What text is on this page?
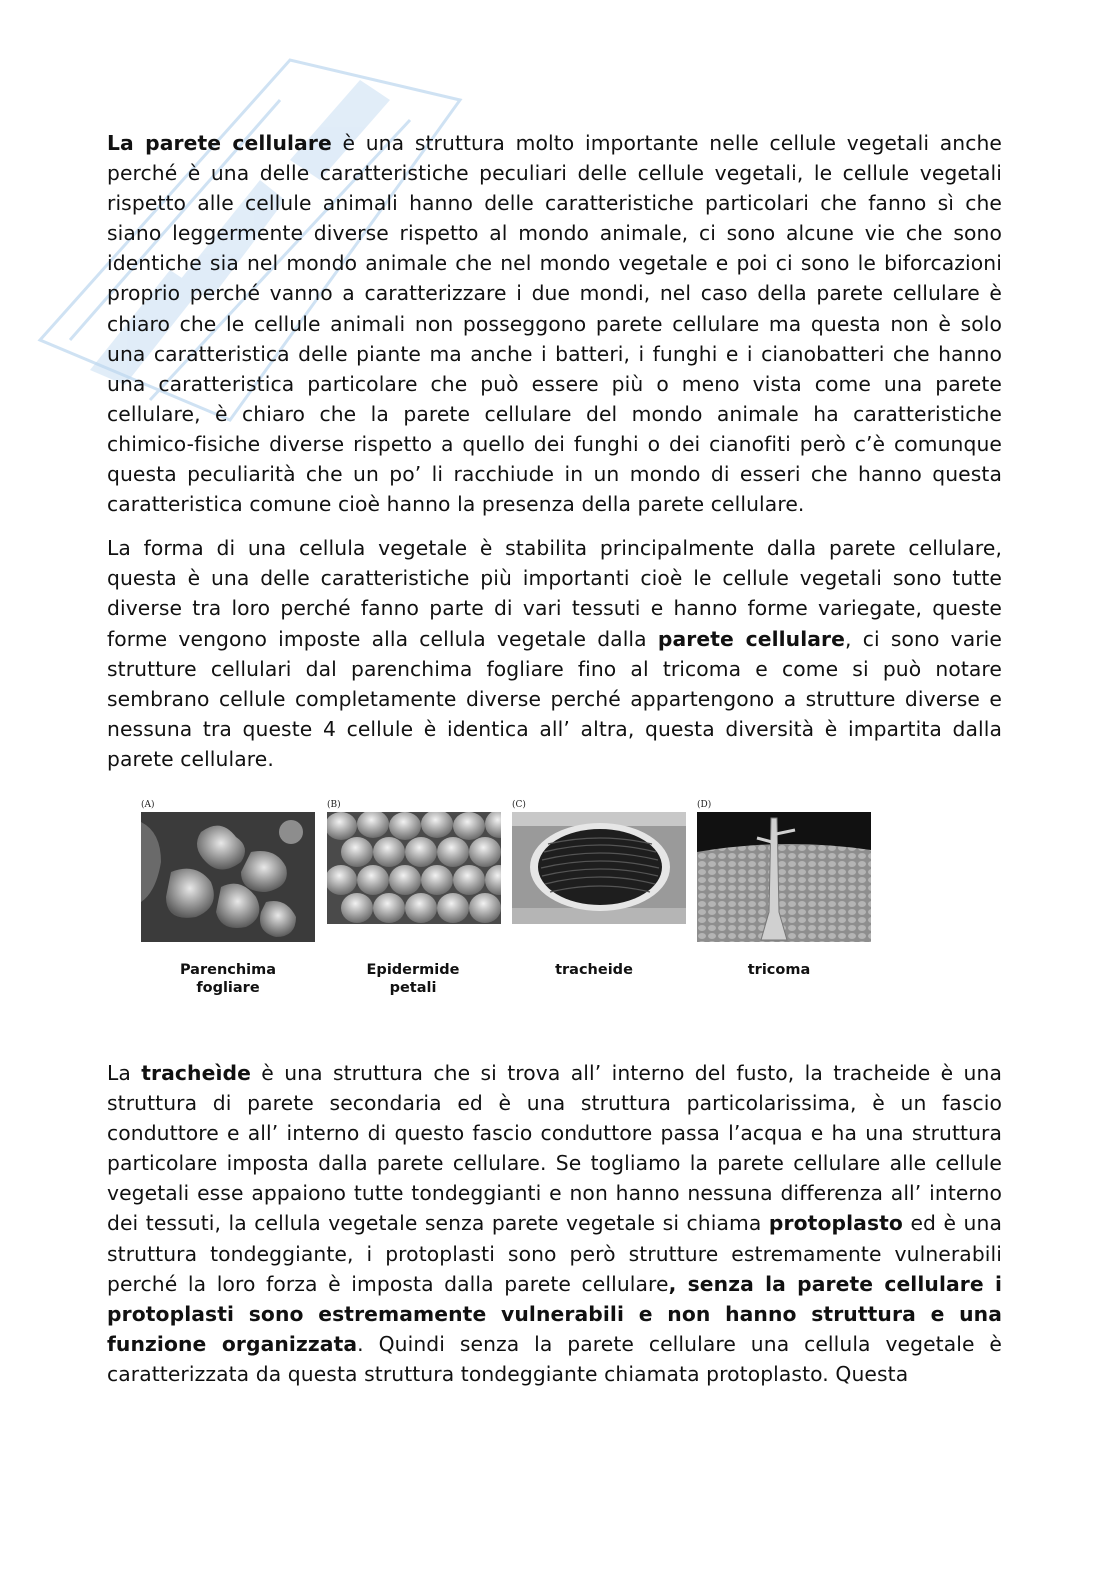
La parete cellulare è una struttura molto importante nelle cellule vegetali anche perché è una delle caratteristiche peculiari delle cellule vegetali, le cellule vegetali rispetto alle cellule animali hanno delle caratteristiche particolari che fanno sì che siano leggermente diverse rispetto al mondo animale, ci sono alcune vie che sono identiche sia nel mondo animale che nel mondo vegetale e poi ci sono le biforcazioni proprio perché vanno a caratterizzare i due mondi, nel caso della parete cellulare è chiaro che le cellule animali non posseggono parete cellulare ma questa non è solo una caratteristica delle piante ma anche i batteri, i funghi e i cianobatteri che hanno una caratteristica particolare che può essere più o meno vista come una parete cellulare, è chiaro che la parete cellulare del mondo animale ha caratteristiche chimico-fisiche diverse rispetto a quello dei funghi o dei cianofiti però c’è comunque questa peculiarità che un po’ li racchiude in un mondo di esseri che hanno questa caratteristica comune cioè hanno la presenza della parete cellulare.

La forma di una cellula vegetale è stabilita principalmente dalla parete cellulare, questa è una delle caratteristiche più importanti cioè le cellule vegetali sono tutte diverse tra loro perché fanno parte di vari tessuti e hanno forme variegate, queste forme vengono imposte alla cellula vegetale dalla parete cellulare, ci sono varie strutture cellulari dal parenchima fogliare fino al tricoma e come si può notare sembrano cellule completamente diverse perché appartengono a strutture diverse e nessuna tra queste 4 cellule è identica all’ altra, questa diversità è impartita dalla parete cellulare.

(A)	(B)	(C)	(D)
Parenchima
fogliare
Epidermide
petali
tracheide	tricoma

La tracheìde è una struttura che si trova all’ interno del fusto, la tracheide è una struttura di parete secondaria ed è una struttura particolarissima, è un fascio conduttore e all’ interno di questo fascio conduttore passa l’acqua e ha una struttura particolare imposta dalla parete cellulare. Se togliamo la parete cellulare alle cellule vegetali esse appaiono tutte tondeggianti e non hanno nessuna differenza all’ interno dei tessuti, la cellula vegetale senza parete vegetale si chiama protoplasto ed è una struttura tondeggiante, i protoplasti sono però strutture estremamente vulnerabili perché la loro forza è imposta dalla parete cellulare, senza la parete cellulare i protoplasti sono estremamente vulnerabili e non hanno struttura e una funzione organizzata. Quindi senza la parete cellulare una cellula vegetale è caratterizzata da questa struttura tondeggiante chiamata protoplasto. Questa
